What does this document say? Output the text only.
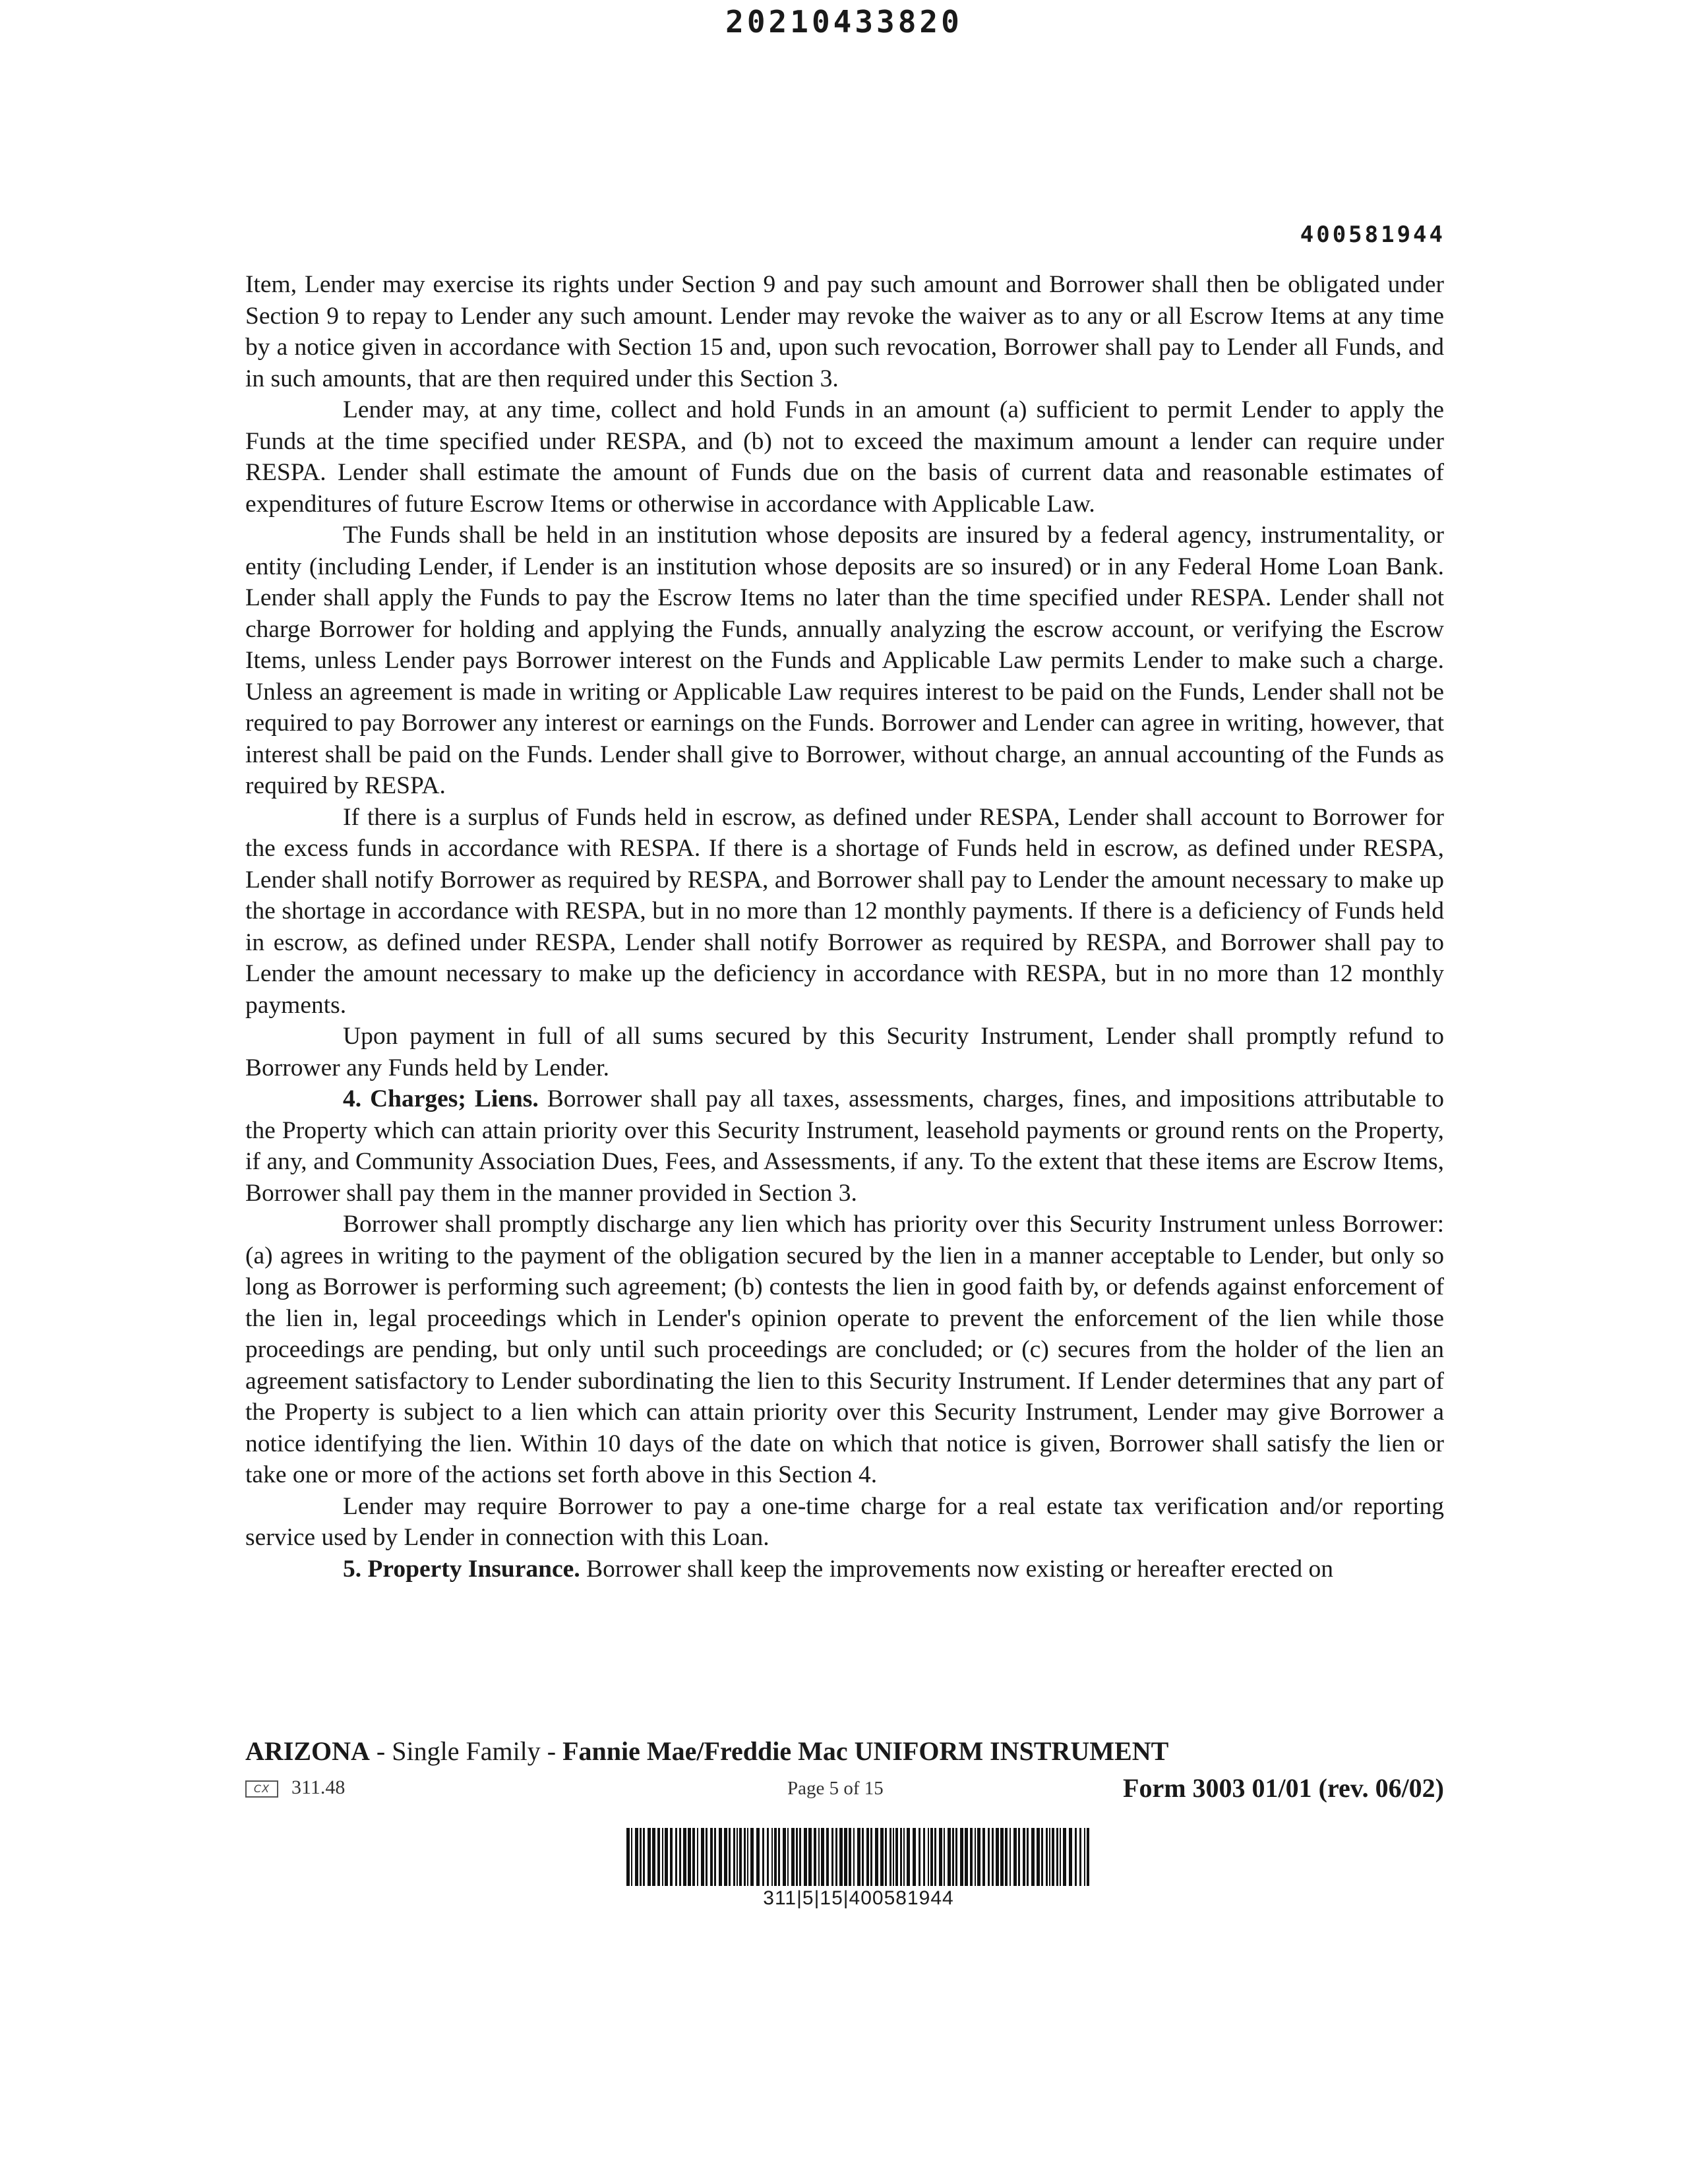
20210433820
400581944

Item, Lender may exercise its rights under Section 9 and pay such amount and Borrower shall then be obligated under Section 9 to repay to Lender any such amount. Lender may revoke the waiver as to any or all Escrow Items at any time by a notice given in accordance with Section 15 and, upon such revocation, Borrower shall pay to Lender all Funds, and in such amounts, that are then required under this Section 3.

Lender may, at any time, collect and hold Funds in an amount (a) sufficient to permit Lender to apply the Funds at the time specified under RESPA, and (b) not to exceed the maximum amount a lender can require under RESPA. Lender shall estimate the amount of Funds due on the basis of current data and reasonable estimates of expenditures of future Escrow Items or otherwise in accordance with Applicable Law.

The Funds shall be held in an institution whose deposits are insured by a federal agency, instrumentality, or entity (including Lender, if Lender is an institution whose deposits are so insured) or in any Federal Home Loan Bank. Lender shall apply the Funds to pay the Escrow Items no later than the time specified under RESPA. Lender shall not charge Borrower for holding and applying the Funds, annually analyzing the escrow account, or verifying the Escrow Items, unless Lender pays Borrower interest on the Funds and Applicable Law permits Lender to make such a charge. Unless an agreement is made in writing or Applicable Law requires interest to be paid on the Funds, Lender shall not be required to pay Borrower any interest or earnings on the Funds. Borrower and Lender can agree in writing, however, that interest shall be paid on the Funds. Lender shall give to Borrower, without charge, an annual accounting of the Funds as required by RESPA.

If there is a surplus of Funds held in escrow, as defined under RESPA, Lender shall account to Borrower for the excess funds in accordance with RESPA. If there is a shortage of Funds held in escrow, as defined under RESPA, Lender shall notify Borrower as required by RESPA, and Borrower shall pay to Lender the amount necessary to make up the shortage in accordance with RESPA, but in no more than 12 monthly payments. If there is a deficiency of Funds held in escrow, as defined under RESPA, Lender shall notify Borrower as required by RESPA, and Borrower shall pay to Lender the amount necessary to make up the deficiency in accordance with RESPA, but in no more than 12 monthly payments.

Upon payment in full of all sums secured by this Security Instrument, Lender shall promptly refund to Borrower any Funds held by Lender.

4. Charges; Liens. Borrower shall pay all taxes, assessments, charges, fines, and impositions attributable to the Property which can attain priority over this Security Instrument, leasehold payments or ground rents on the Property, if any, and Community Association Dues, Fees, and Assessments, if any. To the extent that these items are Escrow Items, Borrower shall pay them in the manner provided in Section 3.

Borrower shall promptly discharge any lien which has priority over this Security Instrument unless Borrower: (a) agrees in writing to the payment of the obligation secured by the lien in a manner acceptable to Lender, but only so long as Borrower is performing such agreement; (b) contests the lien in good faith by, or defends against enforcement of the lien in, legal proceedings which in Lender's opinion operate to prevent the enforcement of the lien while those proceedings are pending, but only until such proceedings are concluded; or (c) secures from the holder of the lien an agreement satisfactory to Lender subordinating the lien to this Security Instrument. If Lender determines that any part of the Property is subject to a lien which can attain priority over this Security Instrument, Lender may give Borrower a notice identifying the lien. Within 10 days of the date on which that notice is given, Borrower shall satisfy the lien or take one or more of the actions set forth above in this Section 4.

Lender may require Borrower to pay a one-time charge for a real estate tax verification and/or reporting service used by Lender in connection with this Loan.

5. Property Insurance. Borrower shall keep the improvements now existing or hereafter erected on

ARIZONA - Single Family - Fannie Mae/Freddie Mac UNIFORM INSTRUMENT
CX	311.48	Page 5 of 15	Form 3003 01/01 (rev. 06/02)
311|5|15|400581944
